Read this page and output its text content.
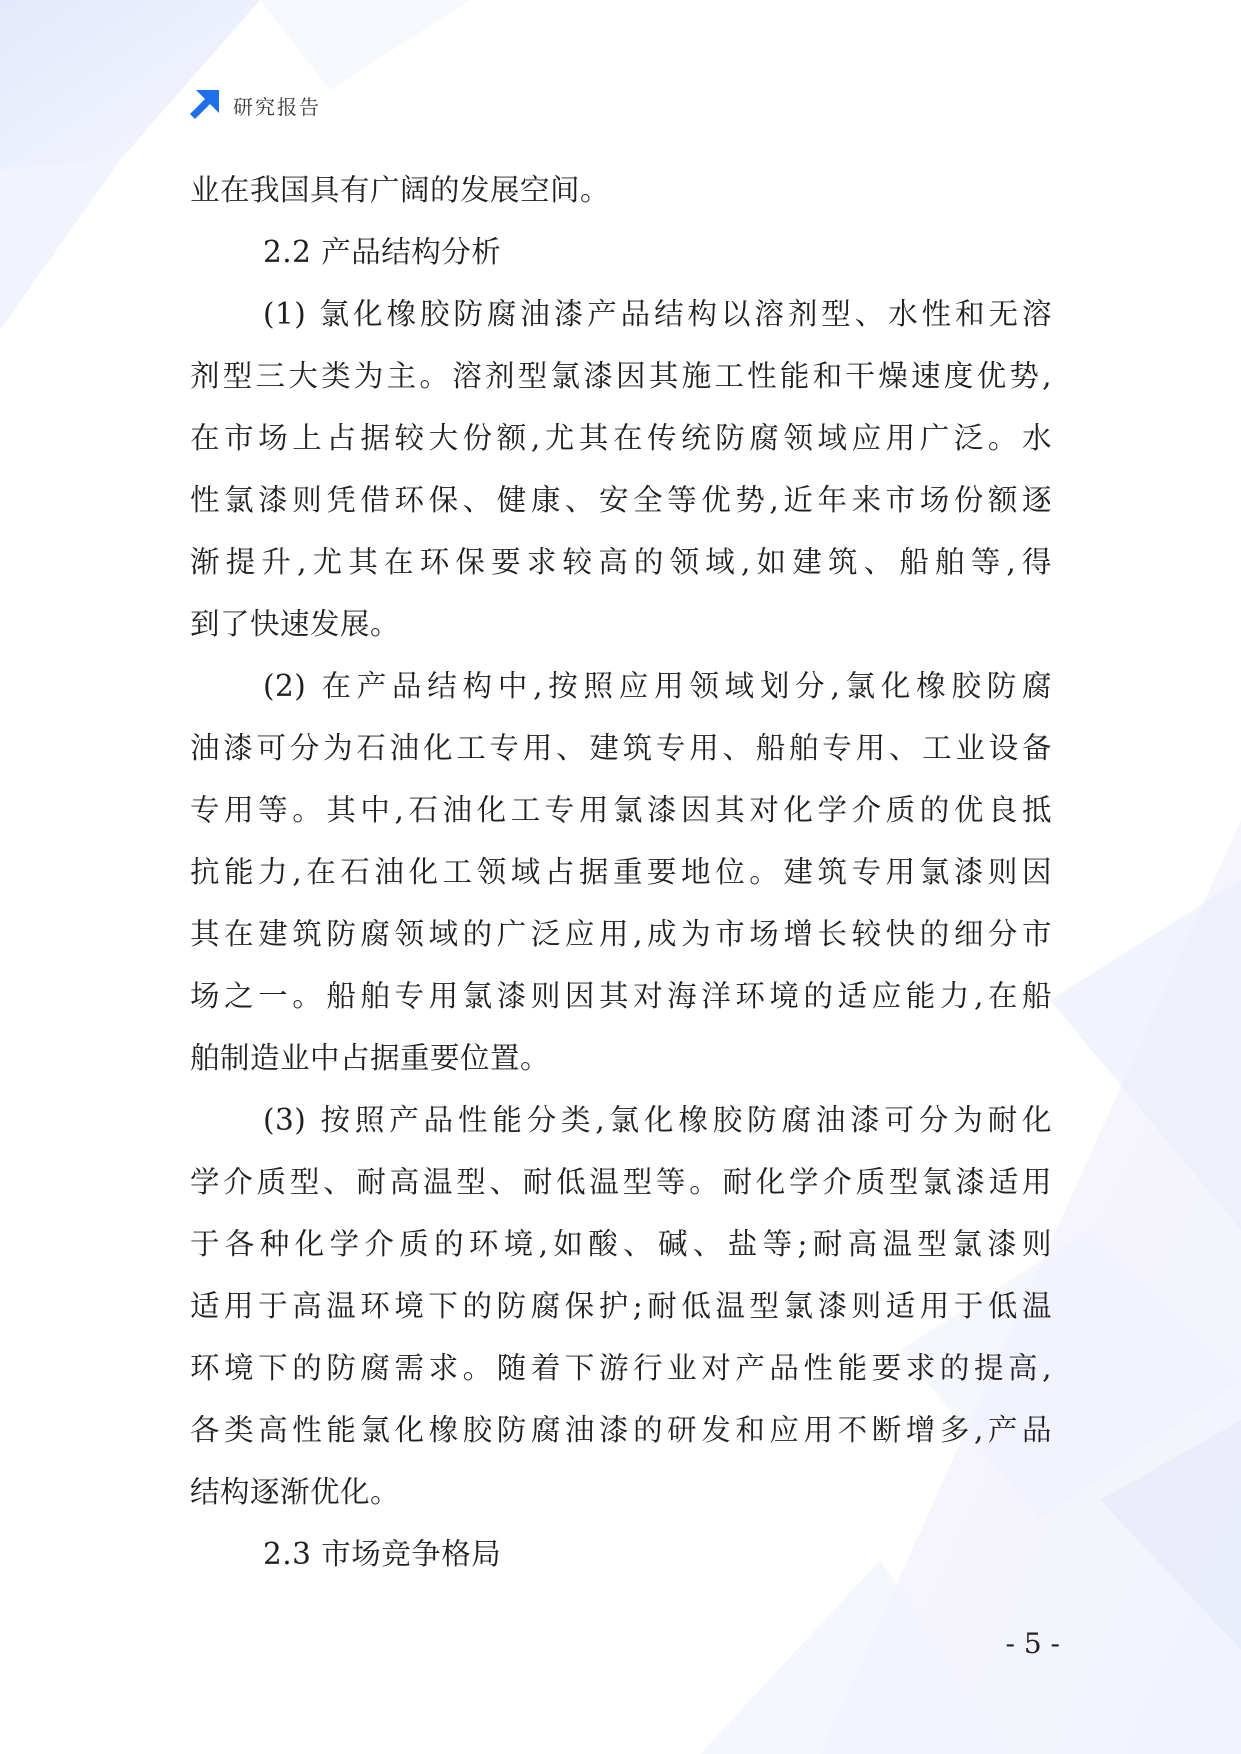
研究报告
业在我国具有广阔的发展空间。
2.2 产品结构分析
(1) 氯化橡胶防腐油漆产品结构以溶剂型、水性和无溶
剂型三大类为主。溶剂型氯漆因其施工性能和干燥速度优势,
在市场上占据较大份额,尤其在传统防腐领域应用广泛。水
性氯漆则凭借环保、健康、安全等优势,近年来市场份额逐
渐提升,尤其在环保要求较高的领域,如建筑、船舶等,得
到了快速发展。
(2) 在产品结构中,按照应用领域划分,氯化橡胶防腐
油漆可分为石油化工专用、建筑专用、船舶专用、工业设备
专用等。其中,石油化工专用氯漆因其对化学介质的优良抵
抗能力,在石油化工领域占据重要地位。建筑专用氯漆则因
其在建筑防腐领域的广泛应用,成为市场增长较快的细分市
场之一。船舶专用氯漆则因其对海洋环境的适应能力,在船
舶制造业中占据重要位置。
(3) 按照产品性能分类,氯化橡胶防腐油漆可分为耐化
学介质型、耐高温型、耐低温型等。耐化学介质型氯漆适用
于各种化学介质的环境,如酸、碱、盐等;耐高温型氯漆则
适用于高温环境下的防腐保护;耐低温型氯漆则适用于低温
环境下的防腐需求。随着下游行业对产品性能要求的提高,
各类高性能氯化橡胶防腐油漆的研发和应用不断增多,产品
结构逐渐优化。
2.3 市场竞争格局
- 5 -
